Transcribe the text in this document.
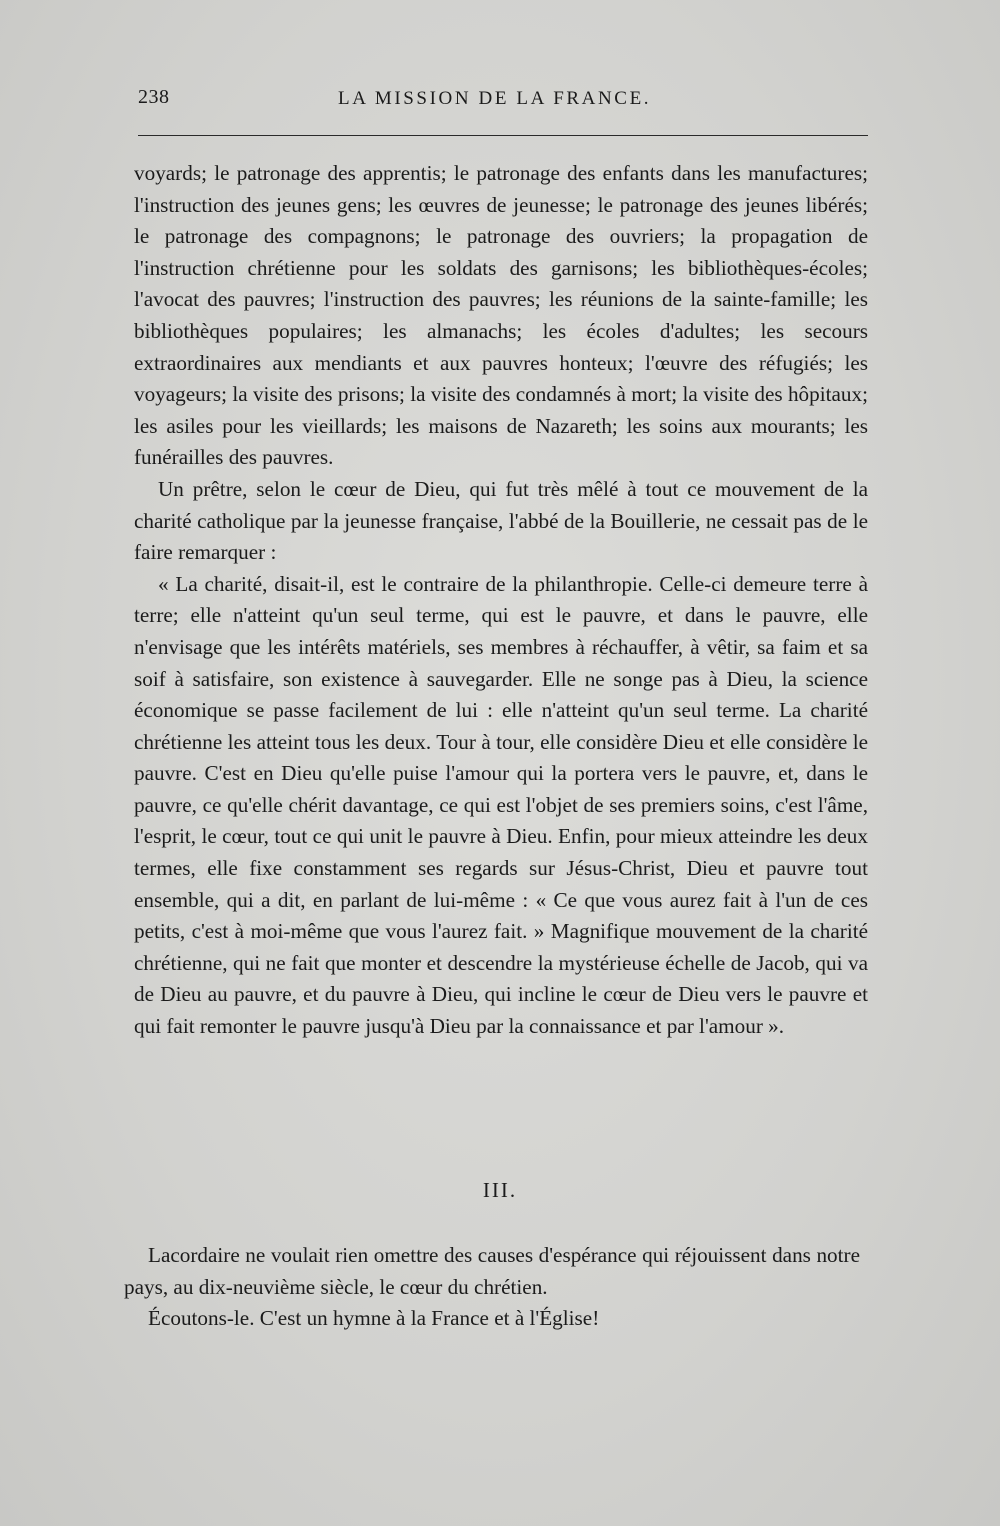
238	LA MISSION DE LA FRANCE.

voyards; le patronage des apprentis; le patronage des enfants dans les manufactures; l'instruction des jeunes gens; les œuvres de jeunesse; le patronage des jeunes libérés; le patronage des compagnons; le patronage des ouvriers; la propagation de l'instruction chrétienne pour les soldats des garnisons; les bibliothèques-écoles; l'avocat des pauvres; l'instruction des pauvres; les réunions de la sainte-famille; les bibliothèques populaires; les almanachs; les écoles d'adultes; les secours extraordinaires aux mendiants et aux pauvres honteux; l'œuvre des réfugiés; les voyageurs; la visite des prisons; la visite des condamnés à mort; la visite des hôpitaux; les asiles pour les vieillards; les maisons de Nazareth; les soins aux mourants; les funérailles des pauvres.

Un prêtre, selon le cœur de Dieu, qui fut très mêlé à tout ce mouvement de la charité catholique par la jeunesse française, l'abbé de la Bouillerie, ne cessait pas de le faire remarquer :

« La charité, disait-il, est le contraire de la philanthropie. Celle-ci demeure terre à terre; elle n'atteint qu'un seul terme, qui est le pauvre, et dans le pauvre, elle n'envisage que les intérêts matériels, ses membres à réchauffer, à vêtir, sa faim et sa soif à satisfaire, son existence à sauvegarder. Elle ne songe pas à Dieu, la science économique se passe facilement de lui : elle n'atteint qu'un seul terme. La charité chrétienne les atteint tous les deux. Tour à tour, elle considère Dieu et elle considère le pauvre. C'est en Dieu qu'elle puise l'amour qui la portera vers le pauvre, et, dans le pauvre, ce qu'elle chérit davantage, ce qui est l'objet de ses premiers soins, c'est l'âme, l'esprit, le cœur, tout ce qui unit le pauvre à Dieu. Enfin, pour mieux atteindre les deux termes, elle fixe constamment ses regards sur Jésus-Christ, Dieu et pauvre tout ensemble, qui a dit, en parlant de lui-même : « Ce que vous aurez fait à l'un de ces petits, c'est à moi-même que vous l'aurez fait. » Magnifique mouvement de la charité chrétienne, qui ne fait que monter et descendre la mystérieuse échelle de Jacob, qui va de Dieu au pauvre, et du pauvre à Dieu, qui incline le cœur de Dieu vers le pauvre et qui fait remonter le pauvre jusqu'à Dieu par la connaissance et par l'amour ».

III.

Lacordaire ne voulait rien omettre des causes d'espérance qui réjouissent dans notre pays, au dix-neuvième siècle, le cœur du chrétien.

Écoutons-le. C'est un hymne à la France et à l'Église!
